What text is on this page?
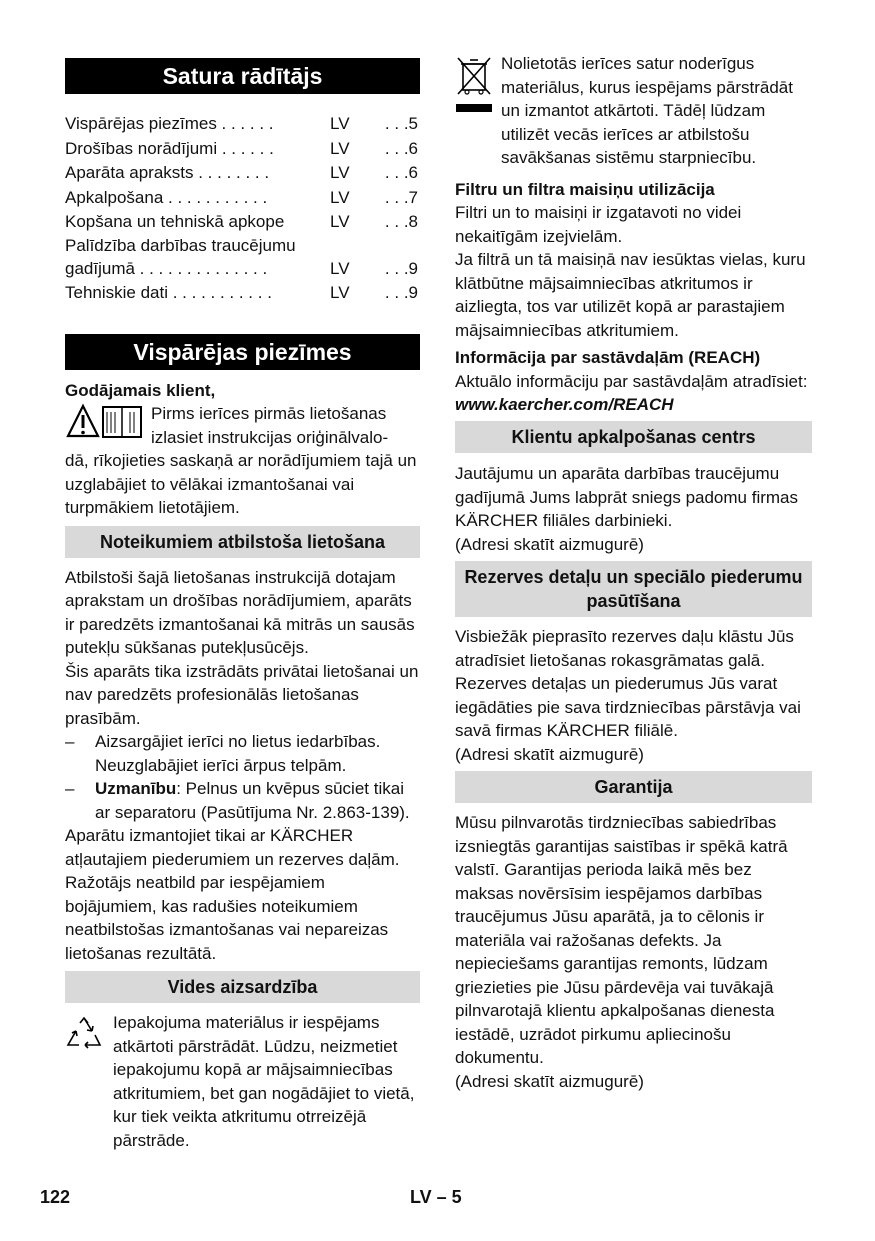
Satura rādītājs
Vispārējas piezīmes . . . . . .	LV	. . .5
Drošības norādījumi . . . . . .	LV	. . .6
Aparāta apraksts . . . . . . . .	LV	. . .6
Apkalpošana . . . . . . . . . . .	LV	. . .7
Kopšana un tehniskā apkope	LV	. . .8
Palīdzība darbības traucējumu
gadījumā . . . . . . . . . . . . . .	LV	. . .9
Tehniskie dati . . . . . . . . . . .	LV	. . .9
Vispārējas piezīmes

Godājamais klient,

Pirms ierīces pirmās lietošanas

izlasiet instrukcijas oriģinālvalo-

dā, rīkojieties saskaņā ar norādījumiem tajā un uzglabājiet to vēlākai izmantošanai vai turpmākiem lietotājiem.

Noteikumiem atbilstoša lietošana

Atbilstoši šajā lietošanas instrukcijā dotajam aprakstam un drošības norādījumiem, aparāts ir paredzēts izmantošanai kā mitrās un sausās putekļu sūkšanas putekļusūcējs.

Šis aparāts tika izstrādāts privātai lietošanai un nav paredzēts profesionālās lietošanas prasībām.

–	Aizsargājiet ierīci no lietus iedarbības. Neuzglabājiet ierīci ārpus telpām.
–	Uzmanību: Pelnus un kvēpus sūciet tikai ar separatoru (Pasūtījuma Nr. 2.863-139).

Aparātu izmantojiet tikai ar KÄRCHER atļautajiem piederumiem un rezerves daļām. Ražotājs neatbild par iespējamiem bojājumiem, kas radušies noteikumiem neatbilstošas izmantošanas vai nepareizas lietošanas rezultātā.

Vides aizsardzība

Iepakojuma materiālus ir iespējams atkārtoti pārstrādāt. Lūdzu, neizmetiet iepakojumu kopā ar mājsaimniecības atkritumiem, bet gan nogādājiet to vietā, kur tiek veikta atkritumu otrreizējā pārstrāde.

Nolietotās ierīces satur noderīgus materiālus, kurus iespējams pārstrādāt un izmantot atkārtoti. Tādēļ lūdzam utilizēt vecās ierīces ar atbilstošu savākšanas sistēmu starpniecību.

Filtru un filtra maisiņu utilizācija

Filtri un to maisiņi ir izgatavoti no videi nekaitīgām izejvielām.

Ja filtrā un tā maisiņā nav iesūktas vielas, kuru klātbūtne mājsaimniecības atkritumos ir aizliegta, tos var utilizēt kopā ar parastajiem mājsaimniecības atkritumiem.

Informācija par sastāvdaļām (REACH)

Aktuālo informāciju par sastāvdaļām atradīsiet:

www.kaercher.com/REACH

Klientu apkalpošanas centrs

Jautājumu un aparāta darbības traucējumu gadījumā Jums labprāt sniegs padomu firmas KÄRCHER filiāles darbinieki.

(Adresi skatīt aizmugurē)

Rezerves detaļu un speciālo piederumu pasūtīšana

Visbiežāk pieprasīto rezerves daļu klāstu Jūs atradīsiet lietošanas rokasgrāmatas galā.

Rezerves detaļas un piederumus Jūs varat iegādāties pie sava tirdzniecības pārstāvja vai savā firmas KÄRCHER filiālē.

(Adresi skatīt aizmugurē)

Garantija

Mūsu pilnvarotās tirdzniecības sabiedrības izsniegtās garantijas saistības ir spēkā katrā valstī. Garantijas perioda laikā mēs bez maksas novērsīsim iespējamos darbības traucējumus Jūsu aparātā, ja to cēlonis ir materiāla vai ražošanas defekts. Ja nepieciešams garantijas remonts, lūdzam griezieties pie Jūsu pārdevēja vai tuvākajā pilnvarotajā klientu apkalpošanas dienesta iestādē, uzrādot pirkumu apliecinošu dokumentu.

(Adresi skatīt aizmugurē)

122	LV – 5
